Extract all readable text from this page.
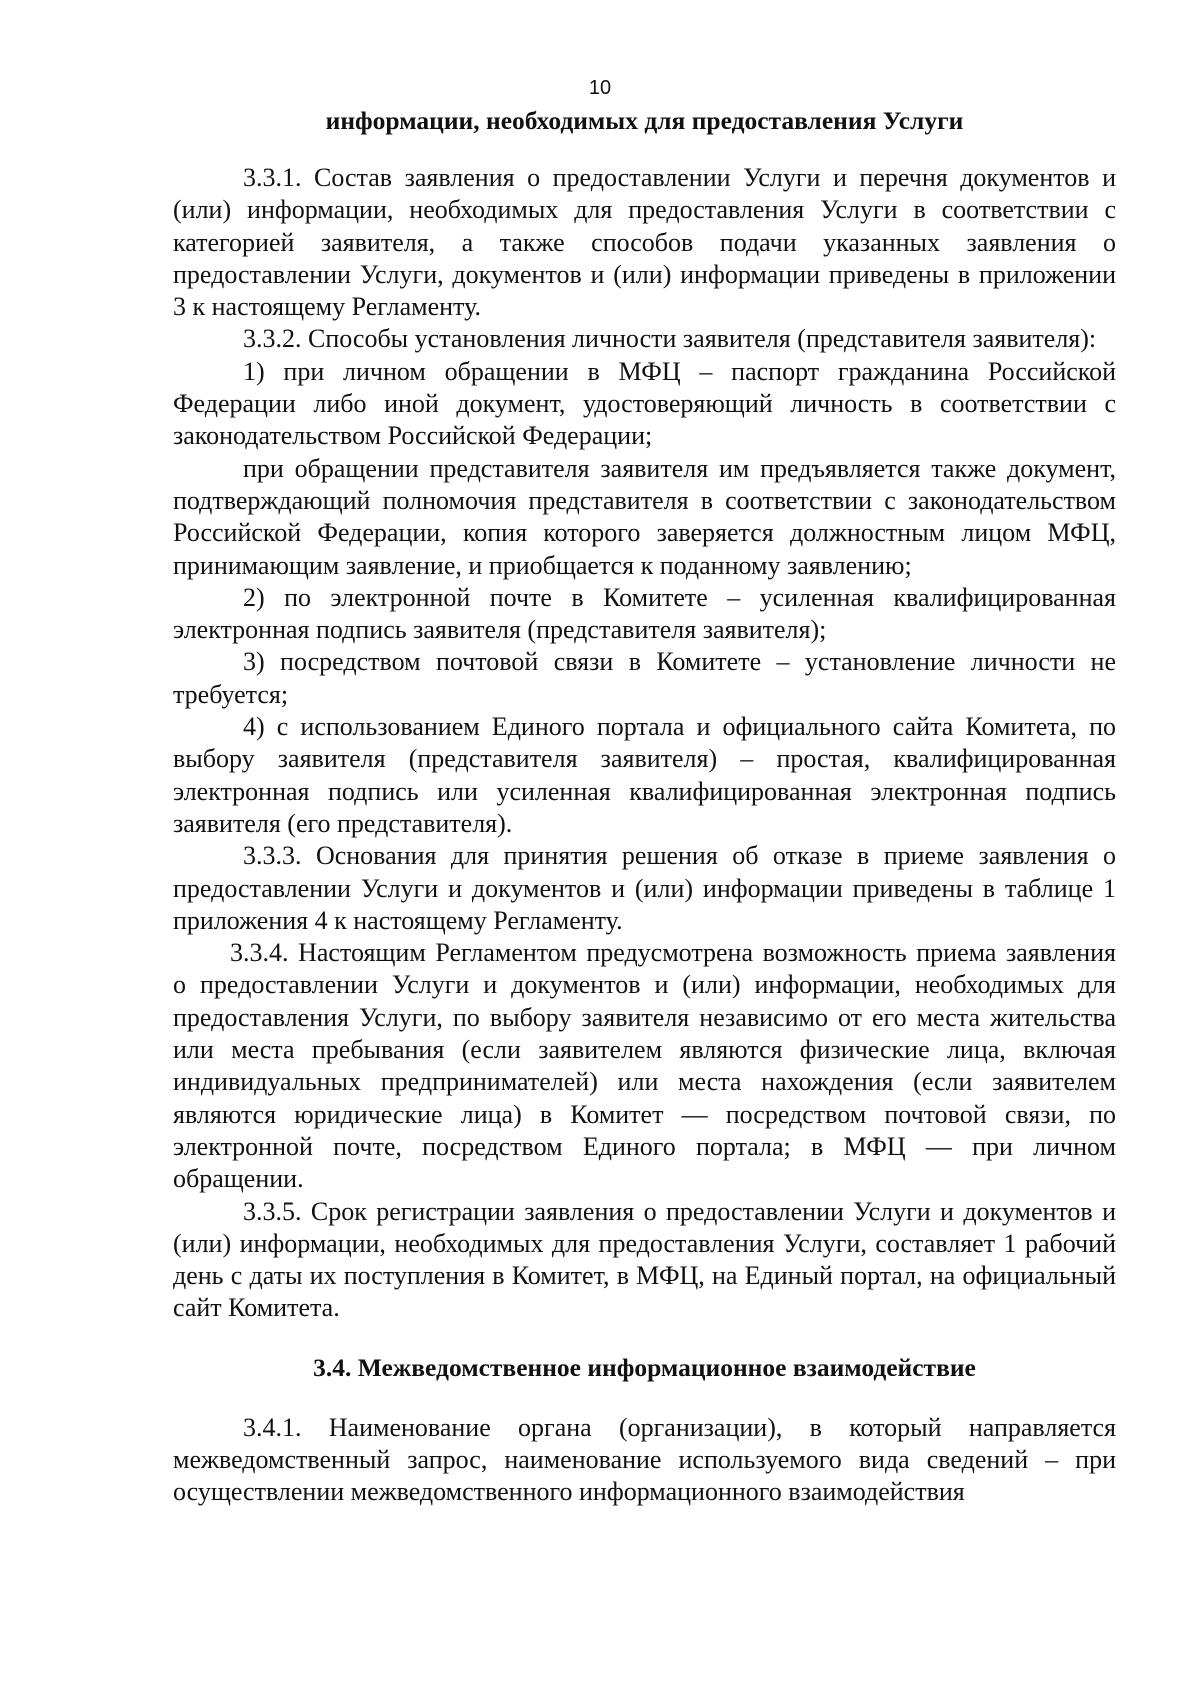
10
информации, необходимых для предоставления Услуги

3.3.1. Состав заявления о предоставлении Услуги и перечня документов и (или) информации, необходимых для предоставления Услуги в соответствии с категорией заявителя, а также способов подачи указанных заявления о предоставлении Услуги, документов и (или) информации приведены в приложении 3 к настоящему Регламенту.

3.3.2. Способы установления личности заявителя (представителя заявителя):

1) при личном обращении в МФЦ – паспорт гражданина Российской Федерации либо иной документ, удостоверяющий личность в соответствии с законодательством Российской Федерации;

при обращении представителя заявителя им предъявляется также документ, подтверждающий полномочия представителя в соответствии с законодательством Российской Федерации, копия которого заверяется должностным лицом МФЦ, принимающим заявление, и приобщается к поданному заявлению;

2) по электронной почте в Комитете – усиленная квалифицированная электронная подпись заявителя (представителя заявителя);

3) посредством почтовой связи в Комитете – установление личности не требуется;

4) с использованием Единого портала и официального сайта Комитета, по выбору заявителя (представителя заявителя) – простая, квалифицированная электронная подпись или усиленная квалифицированная электронная подпись заявителя (его представителя).

3.3.3. Основания для принятия решения об отказе в приеме заявления о предоставлении Услуги и документов и (или) информации приведены в таблице 1 приложения 4 к настоящему Регламенту.

3.3.4. Настоящим Регламентом предусмотрена возможность приема заявления о предоставлении Услуги и документов и (или) информации, необходимых для предоставления Услуги, по выбору заявителя независимо от его места жительства или места пребывания (если заявителем являются физические лица, включая индивидуальных предпринимателей) или места нахождения (если заявителем являются юридические лица) в Комитет — посредством почтовой связи, по электронной почте, посредством Единого портала; в МФЦ — при личном обращении.

3.3.5. Срок регистрации заявления о предоставлении Услуги и документов и (или) информации, необходимых для предоставления Услуги, составляет 1 рабочий день с даты их поступления в Комитет, в МФЦ, на Единый портал, на официальный сайт Комитета.

3.4. Межведомственное информационное взаимодействие

3.4.1. Наименование органа (организации), в который направляется межведомственный запрос, наименование используемого вида сведений – при осуществлении межведомственного информационного взаимодействия
